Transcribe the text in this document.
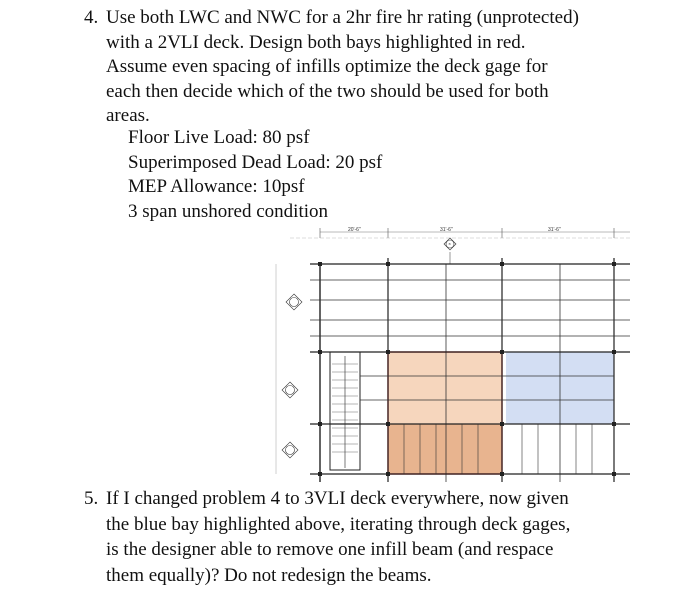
4. Use both LWC and NWC for a 2hr fire hr rating (unprotected)
with a 2VLI deck. Design both bays highlighted in red.
Assume even spacing of infills optimize the deck gage for
each then decide which of the two should be used for both
areas.
Floor Live Load: 80 psf
Superimposed Dead Load: 20 psf
MEP Allowance: 10psf
3 span unshored condition
20'-6"	31'-6"	31'-6"
B
5. If I changed problem 4 to 3VLI deck everywhere, now given
the blue bay highlighted above, iterating through deck gages,
is the designer able to remove one infill beam (and respace
them equally)? Do not redesign the beams.
